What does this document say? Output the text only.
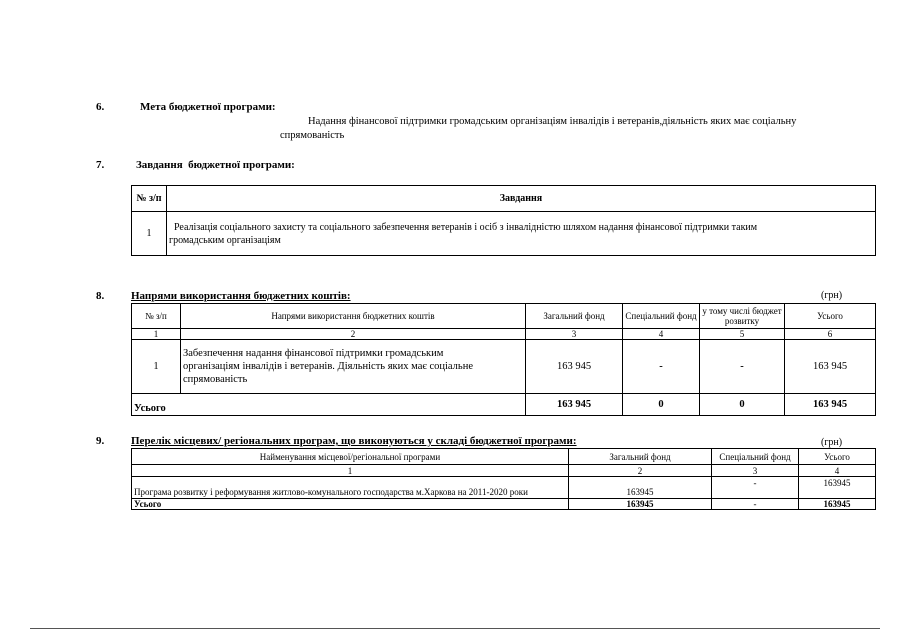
6.	Мета бюджетної програми:
Надання фінансової підтримки громадським організаціям інвалідів і ветеранів,діяльність яких має соціальну
спрямованість
7.	Завдання  бюджетної програми:
№ з/п	Завдання
1	Реалізація соціального захисту та соціального забезпечення ветеранів і осіб з інвалідністю шляхом надання фінансової підтримки таким
громадським організаціям
8. Напрями використання бюджетних коштів:	(грн)
№ з/п	Напрями використання бюджетних коштів	Загальний фонд	Спеціальний фонд	у тому числі бюджет розвитку	Усього
1	2	3	4	5	6
1	Забезпечення надання фінансової підтримки громадським
організаціям інвалідів і ветеранів. Діяльність яких має соціальне
спрямованість	163 945	-	-	163 945
Усього		163 945	0	0	163 945
9. Перелік місцевих/ регіональних програм, що виконуються у складі бюджетної програми:	(грн)
Найменування місцевої/регіональної програми	Загальний фонд	Спеціальний фонд	Усього
1	2	3	4
Програма розвитку і реформування житлово-комунального господарства м.Харкова на 2011-2020 роки	163945	-	163945
Усього	163945	-	163945
